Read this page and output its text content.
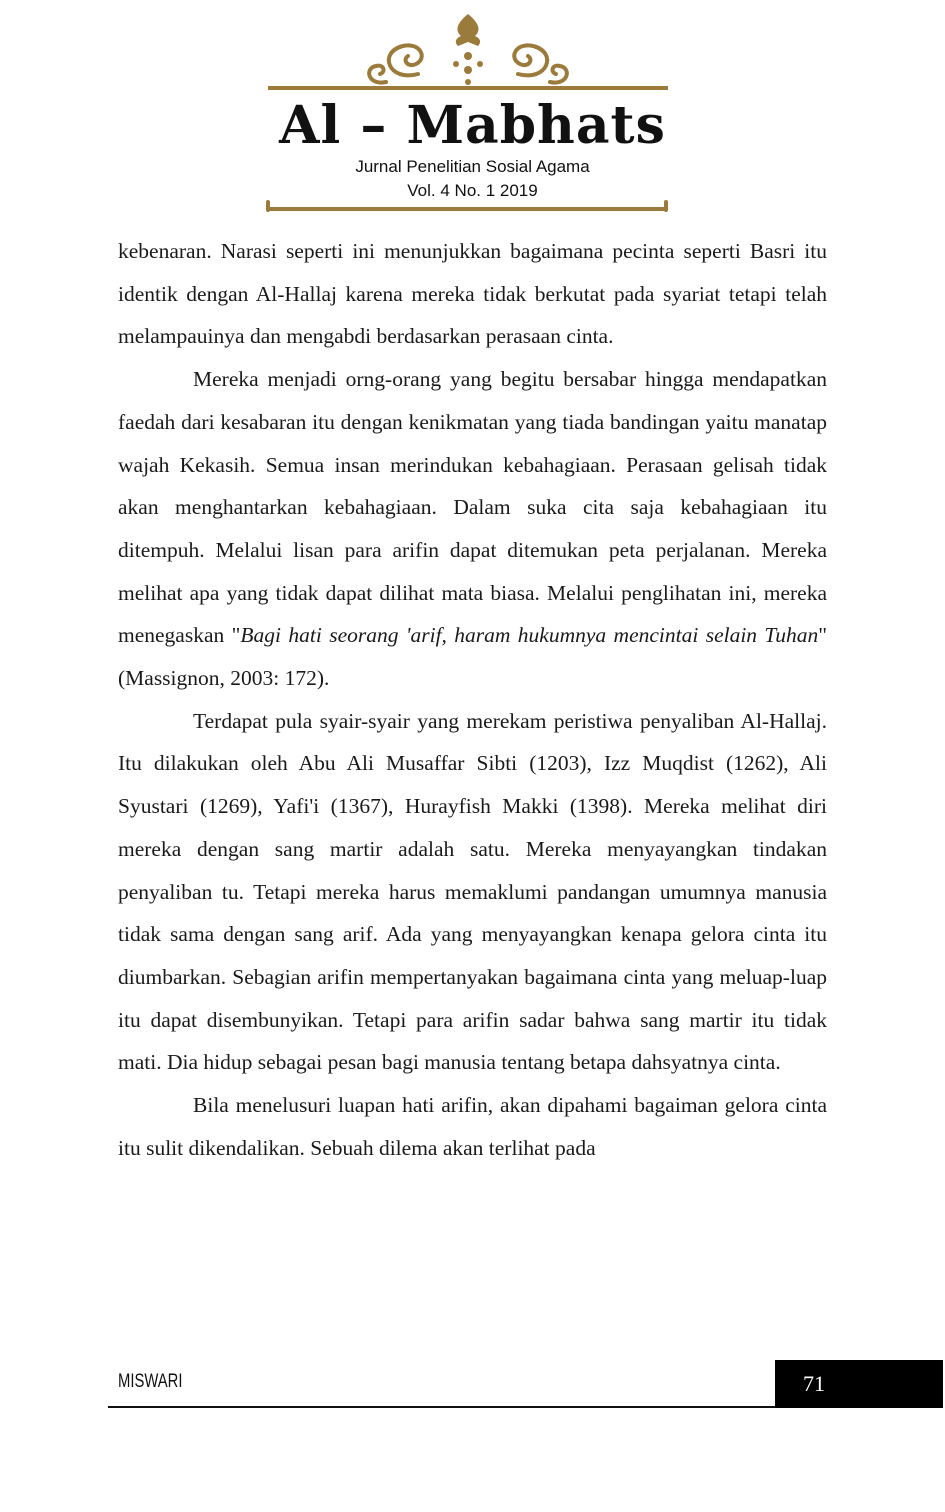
Al – Mabhats
Jurnal Penelitian Sosial Agama
Vol. 4 No. 1 2019

kebenaran. Narasi seperti ini menunjukkan bagaimana pecinta seperti Basri itu identik dengan Al-Hallaj karena mereka tidak berkutat pada syariat tetapi telah melampauinya dan mengabdi berdasarkan perasaan cinta.

Mereka menjadi orng-orang yang begitu bersabar hingga mendapatkan faedah dari kesabaran itu dengan kenikmatan yang tiada bandingan yaitu manatap wajah Kekasih. Semua insan merindukan kebahagiaan. Perasaan gelisah tidak akan menghantarkan kebahagiaan. Dalam suka cita saja kebahagiaan itu ditempuh. Melalui lisan para arifin dapat ditemukan peta perjalanan. Mereka melihat apa yang tidak dapat dilihat mata biasa. Melalui penglihatan ini, mereka menegaskan "Bagi hati seorang 'arif, haram hukumnya mencintai selain Tuhan" (Massignon, 2003: 172).

Terdapat pula syair-syair yang merekam peristiwa penyaliban Al-Hallaj. Itu dilakukan oleh Abu Ali Musaffar Sibti (1203), Izz Muqdist (1262), Ali Syustari (1269), Yafi'i (1367), Hurayfish Makki (1398). Mereka melihat diri mereka dengan sang martir adalah satu. Mereka menyayangkan tindakan penyaliban tu. Tetapi mereka harus memaklumi pandangan umumnya manusia tidak sama dengan sang arif. Ada yang menyayangkan kenapa gelora cinta itu diumbarkan. Sebagian arifin mempertanyakan bagaimana cinta yang meluap-luap itu dapat disembunyikan. Tetapi para arifin sadar bahwa sang martir itu tidak mati. Dia hidup sebagai pesan bagi manusia tentang betapa dahsyatnya cinta.

Bila menelusuri luapan hati arifin, akan dipahami bagaiman gelora cinta itu sulit dikendalikan. Sebuah dilema akan terlihat pada

MISWARI	71
